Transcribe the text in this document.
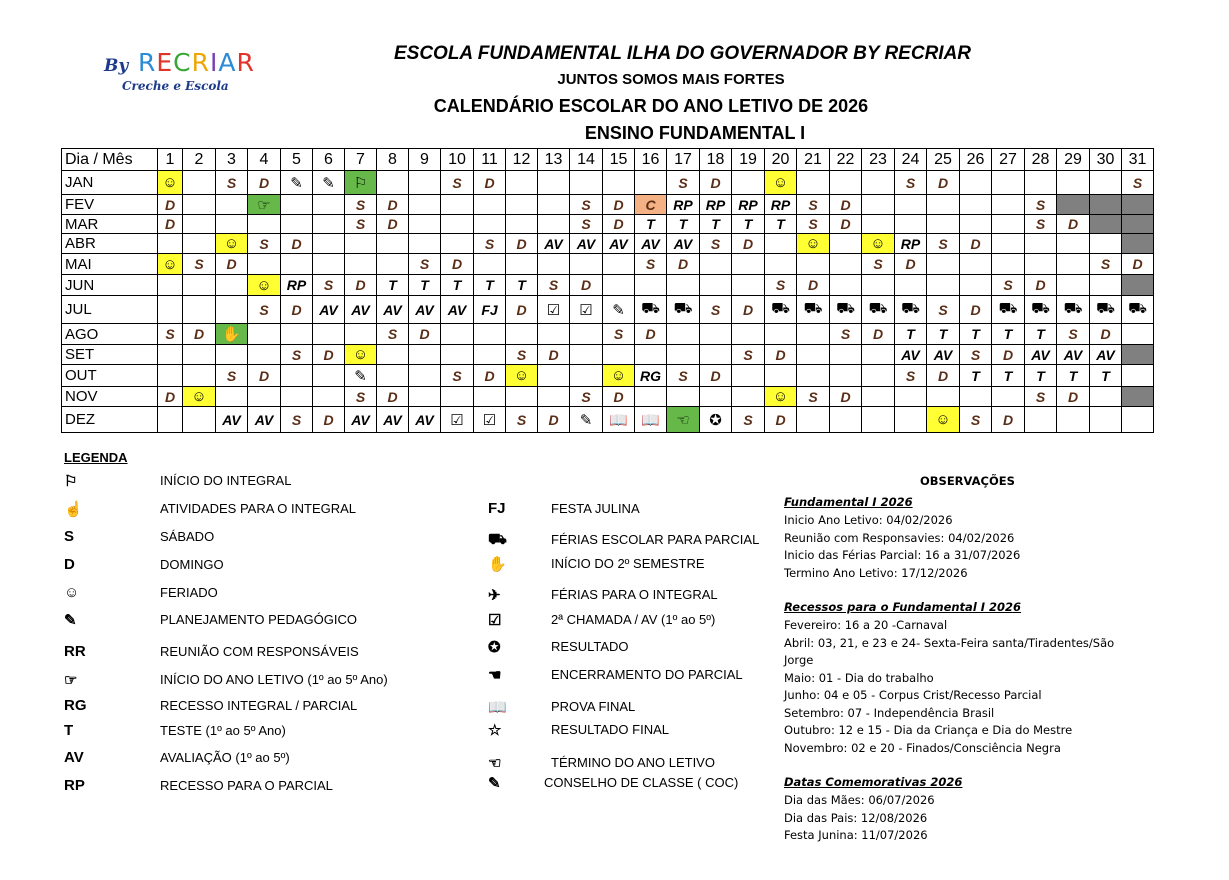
By RECRIAR
Creche e Escola
ESCOLA FUNDAMENTAL ILHA DO GOVERNADOR BY RECRIAR
JUNTOS SOMOS MAIS FORTES
CALENDÁRIO ESCOLAR DO ANO LETIVO DE 2026
ENSINO FUNDAMENTAL I
Dia / Mês	1	2	3	4	5	6	7	8	9	10	11	12	13	14	15	16	17	18	19	20	21	22	23	24	25	26	27	28	29	30	31
JAN	☺		S	D	✎	✎	⚐			S	D						S	D		☺				S	D						S
FEV	D			☞			S	D						S	D	C	RP	RP	RP	RP	S	D						S			
MAR	D						S	D						S	D	T	T	T	T	T	S	D						S	D		
ABR			☺	S	D						S	D	AV	AV	AV	AV	AV	S	D		☺		☺	RP	S	D					
MAI	☺	S	D						S	D						S	D						S	D						S	D
JUN				☺	RP	S	D	T	T	T	T	T	S	D						S	D						S	D			
JUL				S	D	AV	AV	AV	AV	AV	FJ	D	☑	☑	✎	⛟	⛟	S	D	⛟	⛟	⛟	⛟	⛟	S	D	⛟	⛟	⛟	⛟	⛟
AGO	S	D	✋					S	D						S	D						S	D	T	T	T	T	T	S	D	
SET					S	D	☺					S	D						S	D				AV	AV	S	D	AV	AV	AV	
OUT			S	D			✎			S	D	☺			☺	RG	S	D						S	D	T	T	T	T	T	
NOV	D	☺					S	D						S	D					☺	S	D						S	D		
DEZ			AV	AV	S	D	AV	AV	AV	☑	☑	S	D	✎	📖	📖	☜	✪	S	D					☺	S	D				
LEGENDA
⚐	INÍCIO DO INTEGRAL
☝	ATIVIDADES PARA O INTEGRAL
S	SÁBADO
D	DOMINGO
☺	FERIADO
✎	PLANEJAMENTO PEDAGÓGICO
RR	REUNIÃO COM RESPONSÁVEIS
☞	INÍCIO DO ANO LETIVO (1º ao 5º Ano)
RG	RECESSO INTEGRAL / PARCIAL
T	TESTE (1º ao 5º Ano)
AV	AVALIAÇÃO (1º ao 5º)
RP	RECESSO PARA O PARCIAL
FJ	FESTA JULINA
⛟	FÉRIAS ESCOLAR PARA PARCIAL
✋	INÍCIO DO 2º SEMESTRE
✈	FÉRIAS PARA O INTEGRAL
☑	2ª CHAMADA / AV (1º ao 5º)
✪	RESULTADO
☚	ENCERRAMENTO DO PARCIAL
📖	PROVA FINAL
☆	RESULTADO FINAL
☜	TÉRMINO DO ANO LETIVO
✎	CONSELHO DE CLASSE ( COC)
OBSERVAÇÕES
Fundamental I 2026
Inicio Ano Letivo: 04/02/2026
Reunião com Responsavies: 04/02/2026
Inicio das Férias Parcial: 16 a 31/07/2026
Termino Ano Letivo: 17/12/2026
Recessos para o Fundamental I 2026
Fevereiro: 16 a 20 -Carnaval
Abril: 03, 21, e 23 e 24- Sexta-Feira santa/Tiradentes/São
Jorge
Maio: 01 - Dia do trabalho
Junho: 04 e 05 - Corpus Crist/Recesso Parcial
Setembro: 07 - Independência Brasil
Outubro: 12 e 15 - Dia da Criança e Dia do Mestre
Novembro: 02 e 20 - Finados/Consciência Negra
Datas Comemorativas 2026
Dia das Mães: 06/07/2026
Dia das Pais: 12/08/2026
Festa Junina: 11/07/2026
